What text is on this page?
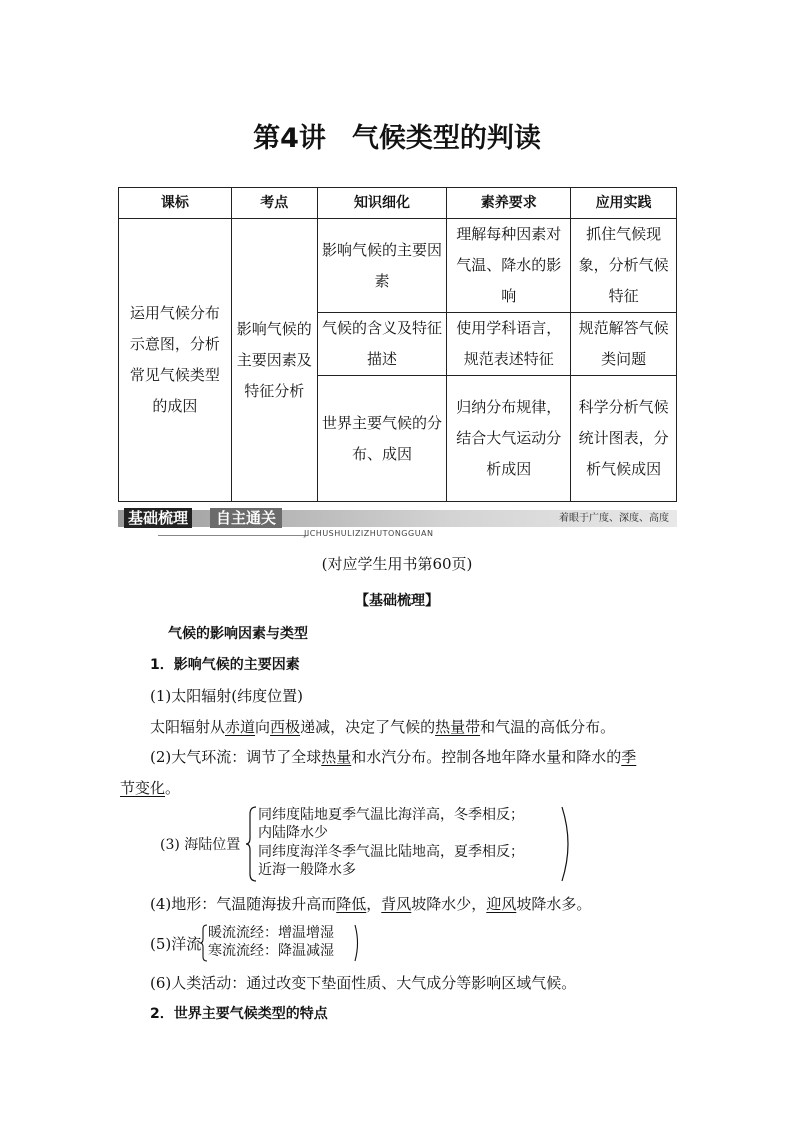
第4讲 气候类型的判读
课标	考点	知识细化	素养要求	应用实践
运用气候分布示意图，分析常见气候类型的成因	影响气候的主要因素及特征分析	影响气候的主要因素	理解每种因素对气温、降水的影响	抓住气候现象，分析气候特征
		气候的含义及特征描述	使用学科语言，规范表述特征	规范解答气候类问题
		世界主要气候的分布、成因	归纳分布规律，结合大气运动分析成因	科学分析气候统计图表，分析气候成因
基础梳理	自主通关	着眼于广度、深度、高度
JICHUSHULIZIZHUTONGGUAN
(对应学生用书第60页)
【基础梳理】
气候的影响因素与类型
1．影响气候的主要因素
(1)太阳辐射(纬度位置)
太阳辐射从赤道向西极递减，决定了气候的热量带和气温的高低分布。
(2)大气环流：调节了全球热量和水汽分布。控制各地年降水量和降水的季
节变化。
(3) 海陆位置
同纬度陆地夏季气温比海洋高，冬季相反；
内陆降水少
同纬度海洋冬季气温比陆地高，夏季相反；
近海一般降水多
(4)地形：气温随海拔升高而降低，背风坡降水少，迎风坡降水多。
(5)洋流
暖流流经：增温增湿
寒流流经：降温减湿
(6)人类活动：通过改变下垫面性质、大气成分等影响区域气候。
2．世界主要气候类型的特点
